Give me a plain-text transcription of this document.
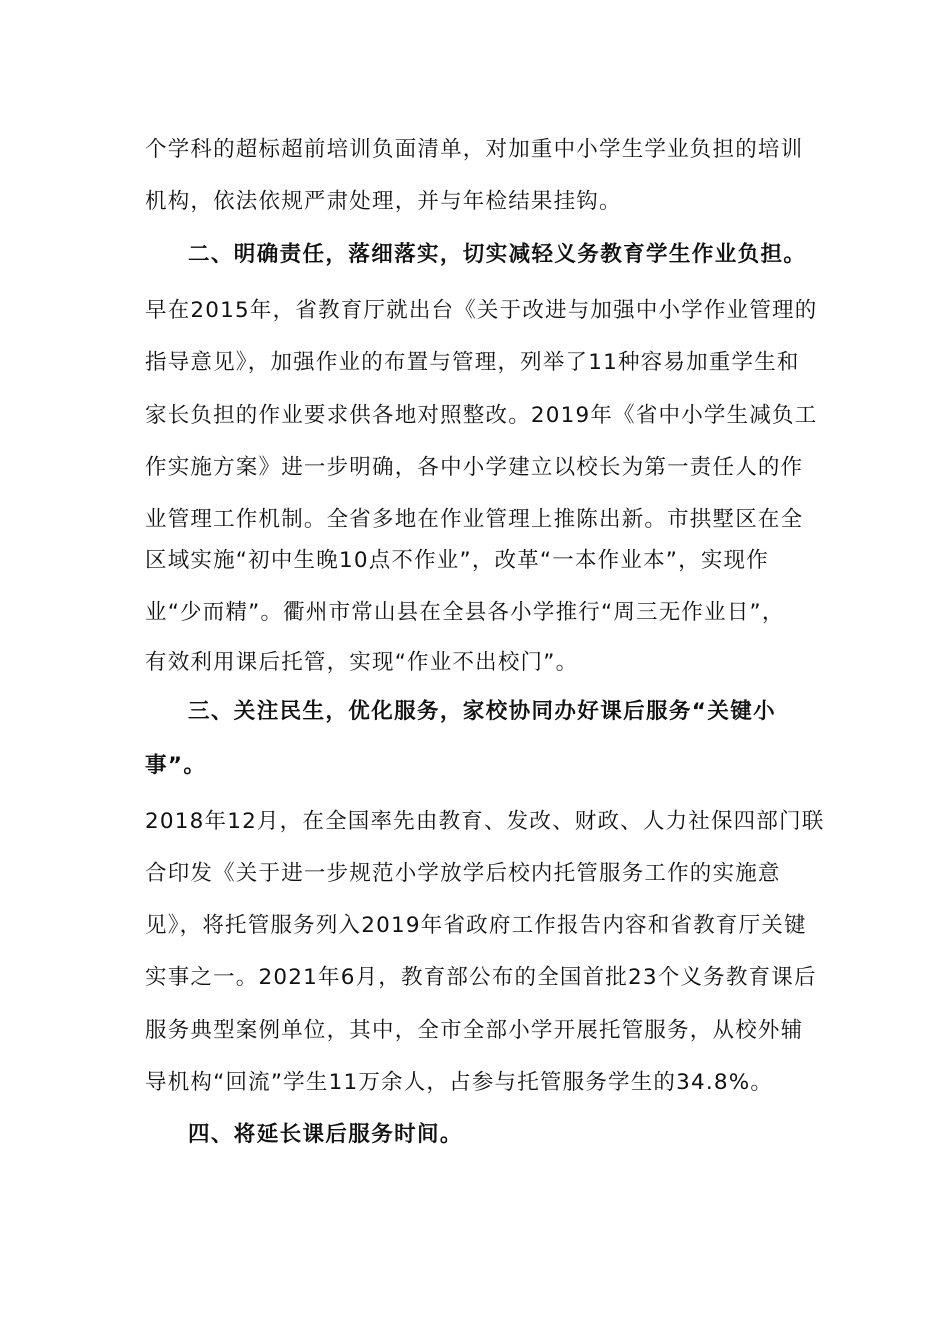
个学科的超标超前培训负面清单，对加重中小学生学业负担的培训
机构，依法依规严肃处理，并与年检结果挂钩。
二、明确责任，落细落实，切实减轻义务教育学生作业负担。
早在2015年，省教育厅就出台《关于改进与加强中小学作业管理的
指导意见》，加强作业的布置与管理，列举了11种容易加重学生和
家长负担的作业要求供各地对照整改。2019年《省中小学生减负工
作实施方案》进一步明确，各中小学建立以校长为第一责任人的作
业管理工作机制。全省多地在作业管理上推陈出新。市拱墅区在全
区域实施“初中生晚10点不作业”，改革“一本作业本”，实现作
业“少而精”。衢州市常山县在全县各小学推行“周三无作业日”，
有效利用课后托管，实现“作业不出校门”。
三、关注民生，优化服务，家校协同办好课后服务“关键小
事”。
2018年12月，在全国率先由教育、发改、财政、人力社保四部门联
合印发《关于进一步规范小学放学后校内托管服务工作的实施意
见》，将托管服务列入2019年省政府工作报告内容和省教育厅关键
实事之一。2021年6月，教育部公布的全国首批23个义务教育课后
服务典型案例单位，其中，全市全部小学开展托管服务，从校外辅
导机构“回流”学生11万余人，占参与托管服务学生的34.8%。
四、将延长课后服务时间。
